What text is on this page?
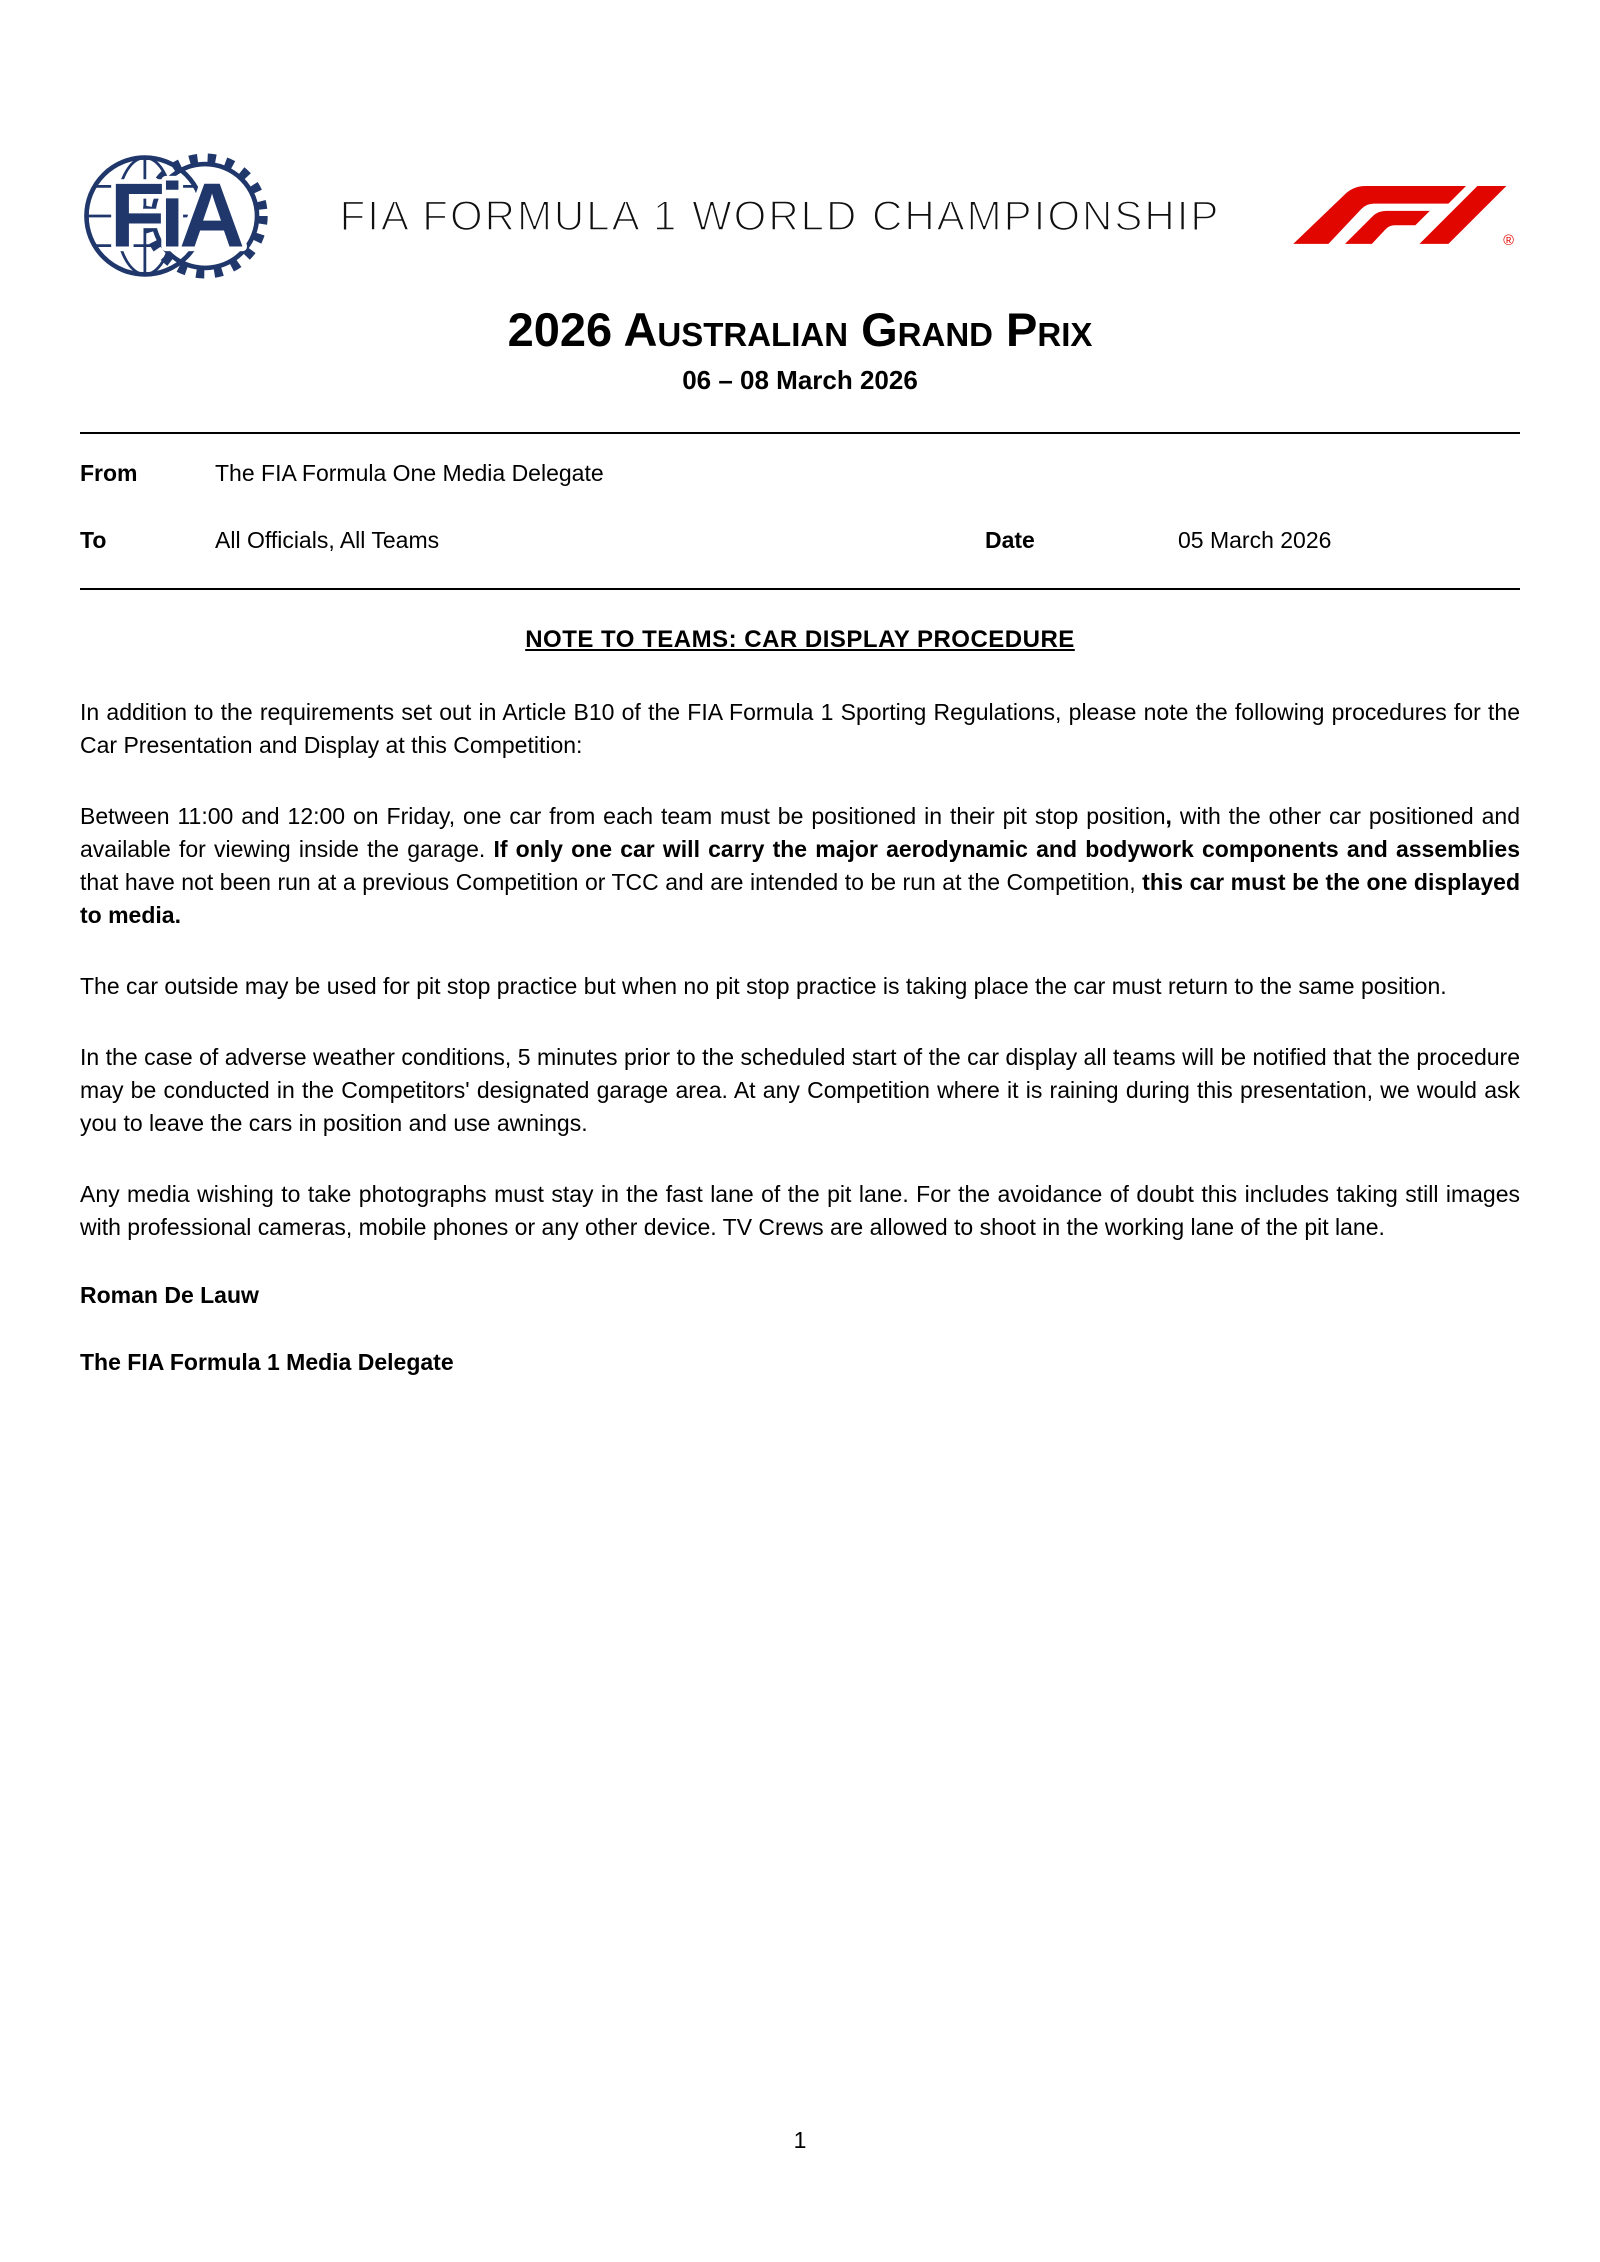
FiA	FIA FORMULA 1 WORLD CHAMPIONSHIP
®
2026 Australian Grand Prix
06 – 08 March 2026
From	The FIA Formula One Media Delegate
To	All Officials, All Teams	Date	05 March 2026
NOTE TO TEAMS: CAR DISPLAY PROCEDURE

In addition to the requirements set out in Article B10 of the FIA Formula 1 Sporting Regulations, please note the following procedures for the Car Presentation and Display at this Competition:

Between 11:00 and 12:00 on Friday, one car from each team must be positioned in their pit stop position, with the other car positioned and available for viewing inside the garage. If only one car will carry the major aerodynamic and bodywork components and assemblies that have not been run at a previous Competition or TCC and are intended to be run at the Competition, this car must be the one displayed to media.

The car outside may be used for pit stop practice but when no pit stop practice is taking place the car must return to the same position.

In the case of adverse weather conditions, 5 minutes prior to the scheduled start of the car display all teams will be notified that the procedure may be conducted in the Competitors' designated garage area. At any Competition where it is raining during this presentation, we would ask you to leave the cars in position and use awnings.

Any media wishing to take photographs must stay in the fast lane of the pit lane. For the avoidance of doubt this includes taking still images with professional cameras, mobile phones or any other device. TV Crews are allowed to shoot in the working lane of the pit lane.

Roman De Lauw
The FIA Formula 1 Media Delegate
1
